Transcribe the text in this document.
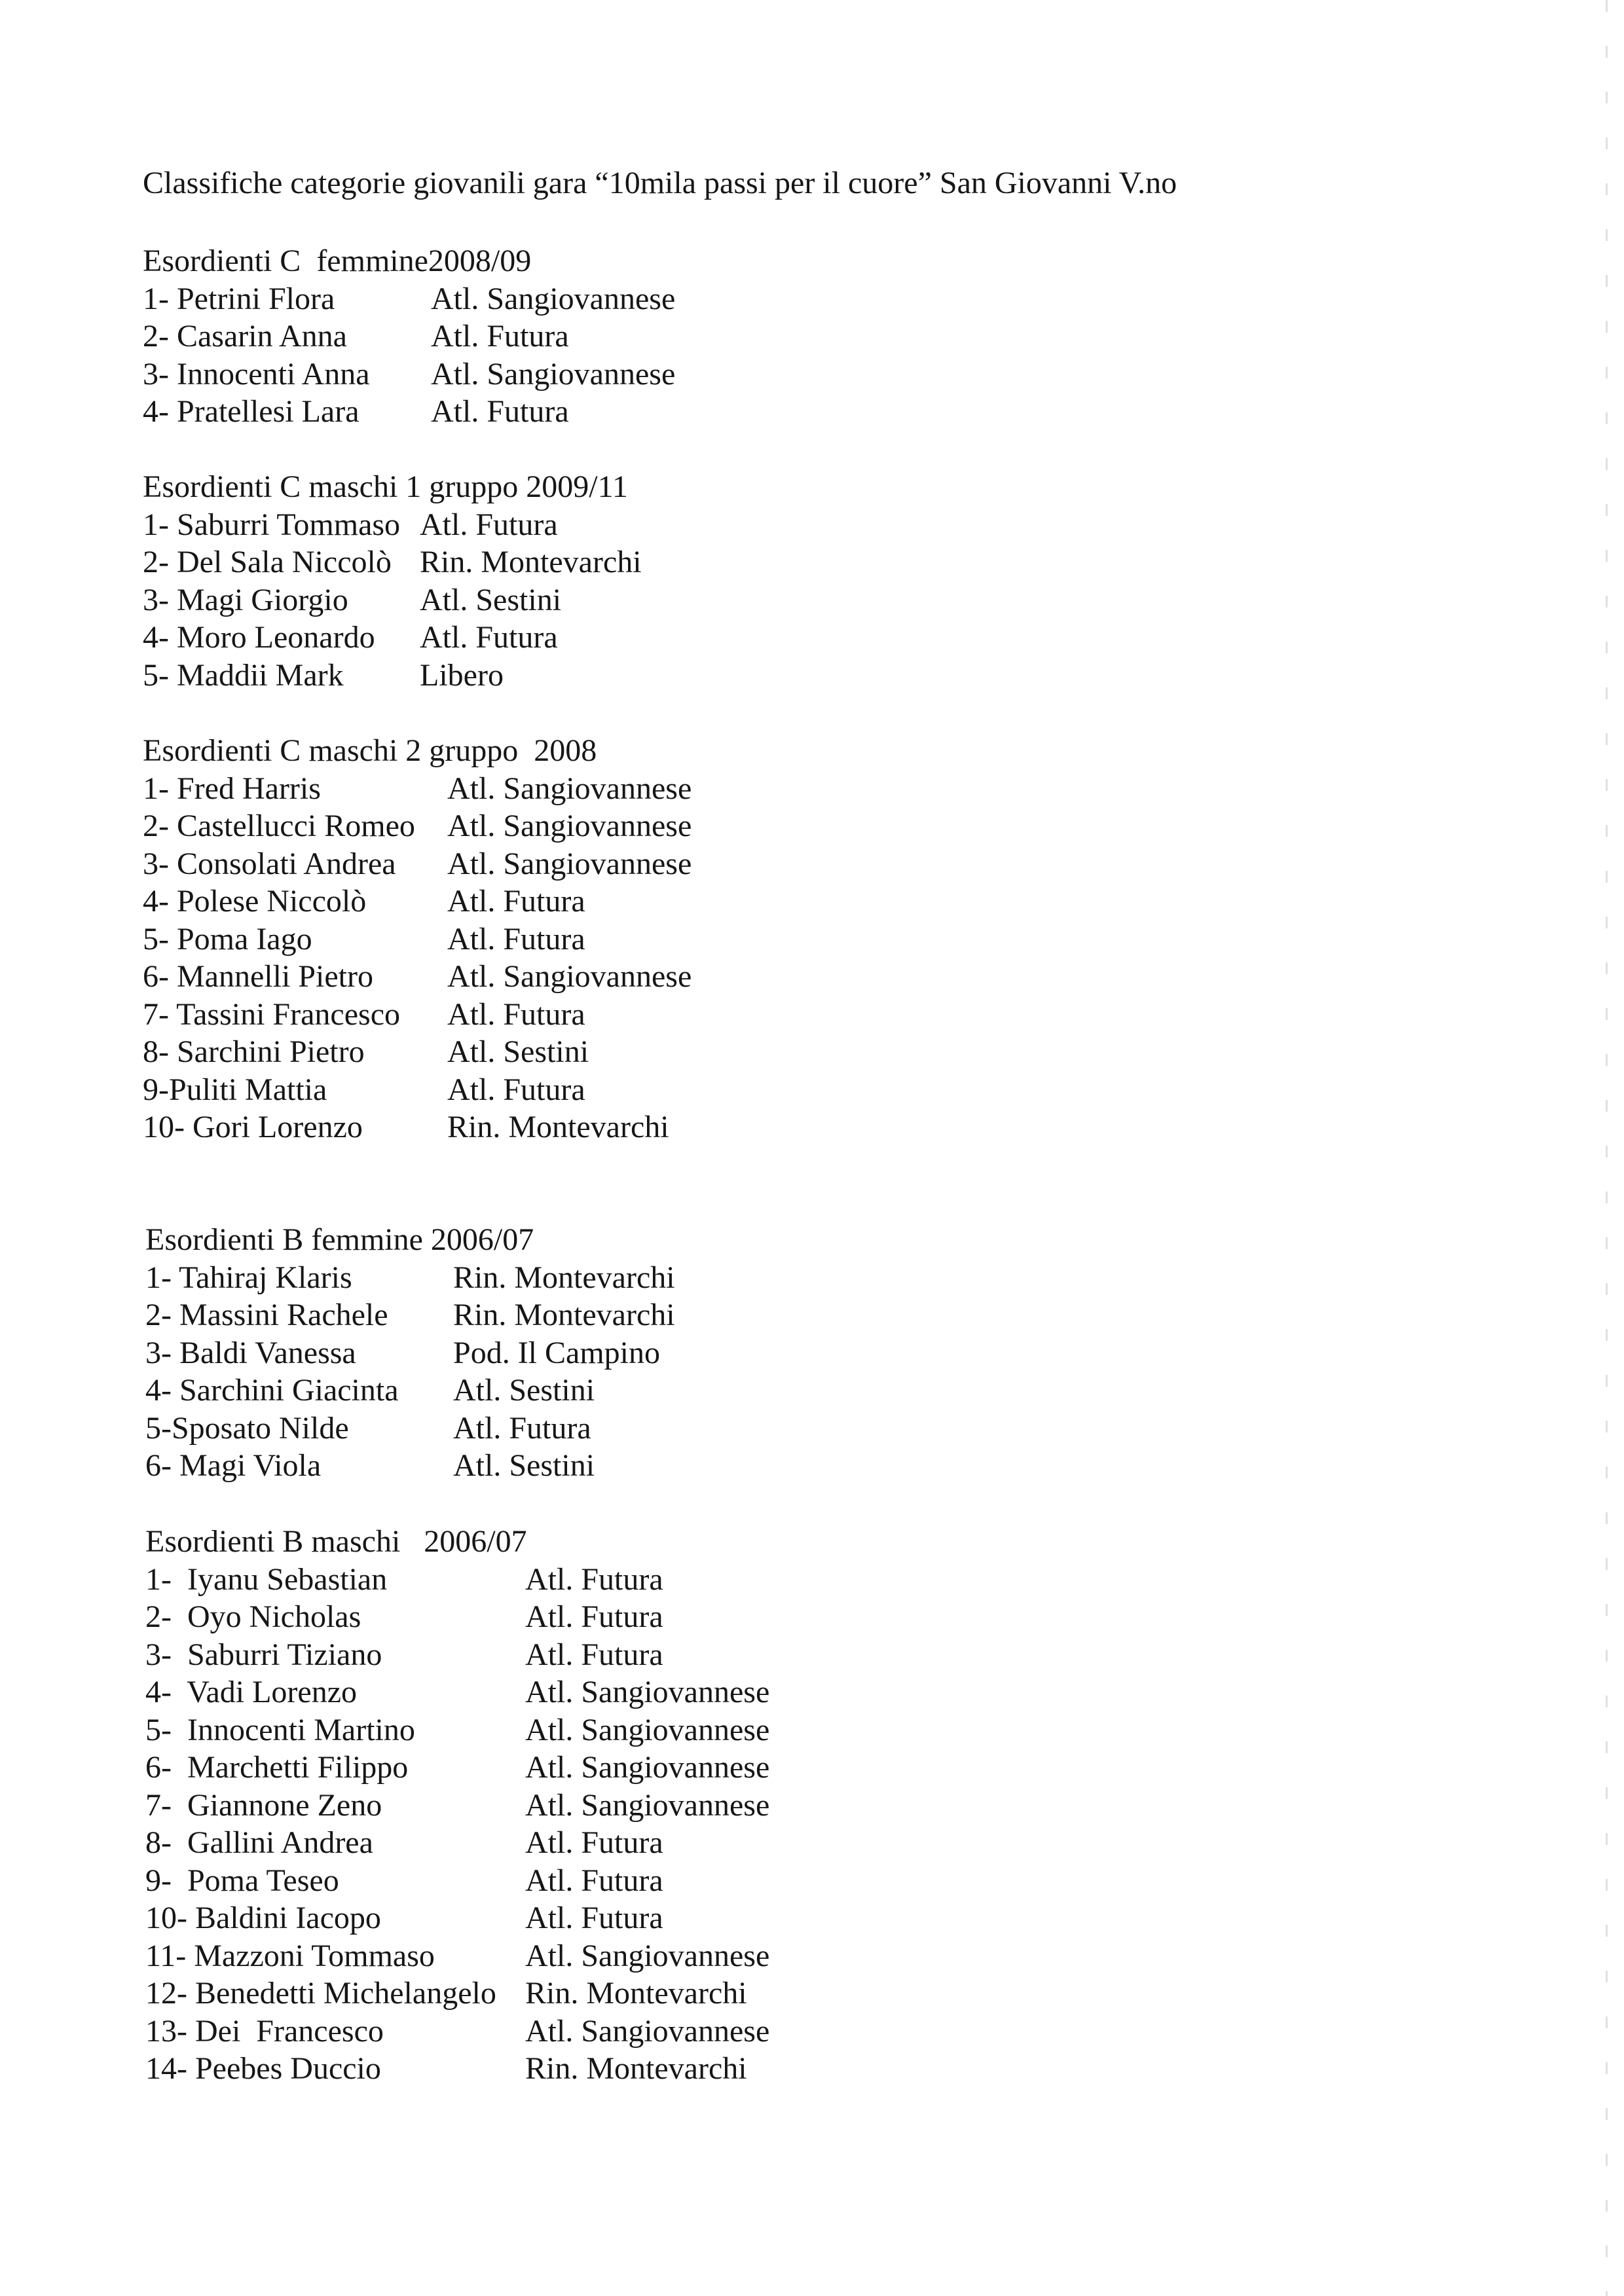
Classifiche categorie giovanili gara “10mila passi per il cuore” San Giovanni V.no
Esordienti C  femmine2008/09
1- Petrini Flora	Atl. Sangiovannese
2- Casarin Anna	Atl. Futura
3- Innocenti Anna Atl. Sangiovannese
4- Pratellesi Lara Atl. Futura
Esordienti C maschi 1 gruppo 2009/11
1- Saburri Tommaso Atl. Futura
2- Del Sala Niccolò Rin. Montevarchi
3- Magi Giorgio Atl. Sestini
4- Moro Leonardo Atl. Futura
5- Maddii Mark Libero
Esordienti C maschi 2 gruppo  2008
1- Fred Harris	Atl. Sangiovannese
2- Castellucci Romeo Atl. Sangiovannese
3- Consolati Andrea Atl. Sangiovannese
4- Polese Niccolò	Atl. Futura
5- Poma Iago	Atl. Futura
6- Mannelli Pietro Atl. Sangiovannese
7- Tassini Francesco Atl. Futura
8- Sarchini Pietro	Atl. Sestini
9-Puliti Mattia	Atl. Futura
10- Gori Lorenzo	Rin. Montevarchi
Esordienti B femmine 2006/07
1- Tahiraj Klaris	Rin. Montevarchi
2- Massini Rachele Rin. Montevarchi
3- Baldi Vanessa	Pod. Il Campino
4- Sarchini Giacinta Atl. Sestini
5-Sposato Nilde	Atl. Futura
6- Magi Viola	Atl. Sestini
Esordienti B maschi   2006/07
1-  Iyanu Sebastian	Atl. Futura
2-  Oyo Nicholas	Atl. Futura
3-  Saburri Tiziano	Atl. Futura
4-  Vadi Lorenzo	Atl. Sangiovannese
5-  Innocenti Martino	Atl. Sangiovannese
6-  Marchetti Filippo	Atl. Sangiovannese
7-  Giannone Zeno	Atl. Sangiovannese
8-  Gallini Andrea	Atl. Futura
9-  Poma Teseo	Atl. Futura
10- Baldini Iacopo	Atl. Futura
11- Mazzoni Tommaso	Atl. Sangiovannese
12- Benedetti Michelangelo Rin. Montevarchi
13- Dei  Francesco	Atl. Sangiovannese
14- Peebes Duccio	Rin. Montevarchi
